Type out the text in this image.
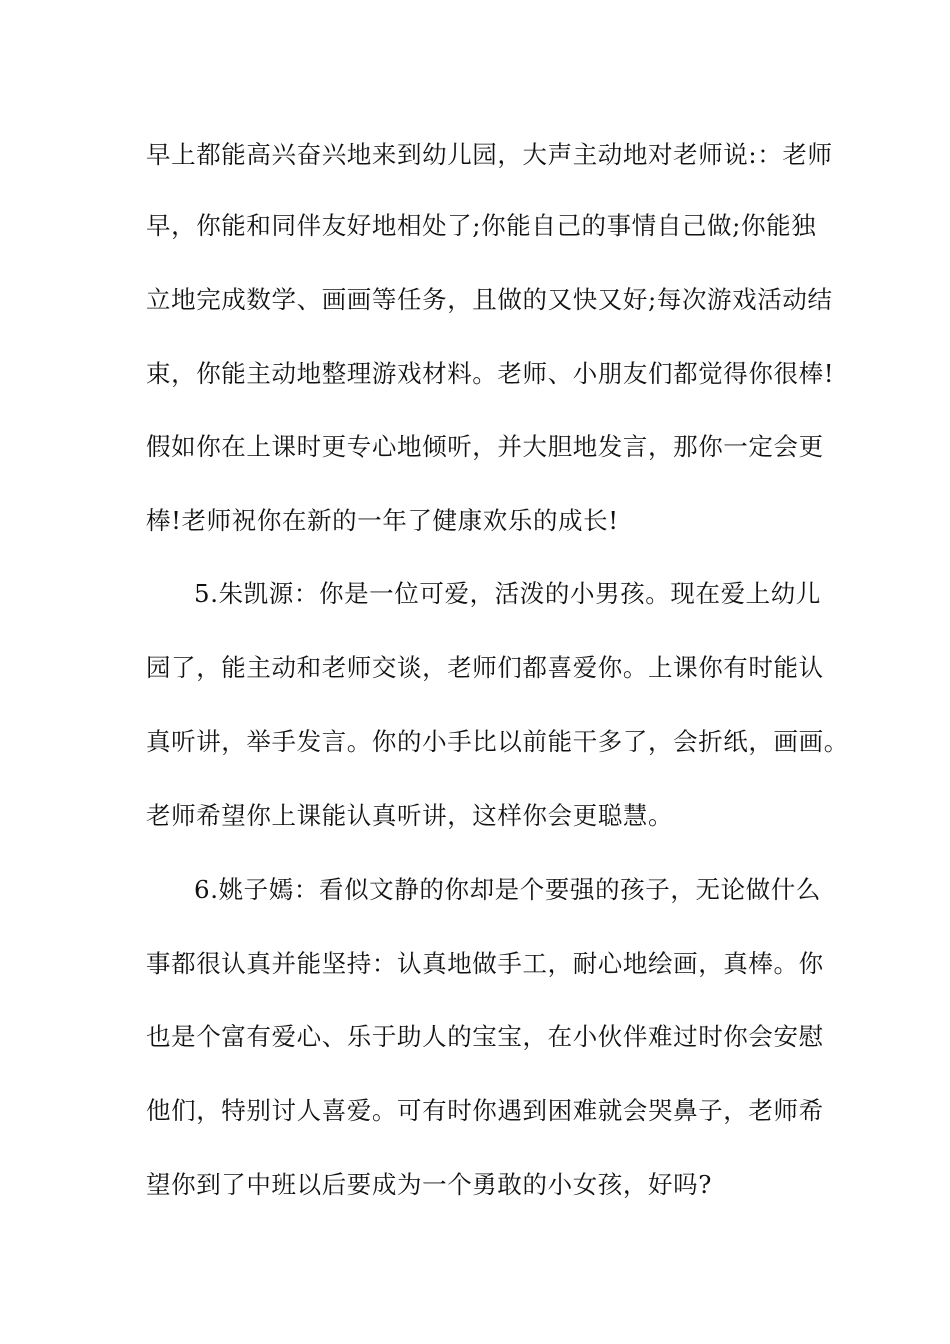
早上都能高兴奋兴地来到幼儿园，大声主动地对老师说:：老师
早，你能和同伴友好地相处了;你能自己的事情自己做;你能独
立地完成数学、画画等任务，且做的又快又好;每次游戏活动结
束，你能主动地整理游戏材料。老师、小朋友们都觉得你很棒!
假如你在上课时更专心地倾听，并大胆地发言，那你一定会更
棒!老师祝你在新的一年了健康欢乐的成长!
5.朱凯源：你是一位可爱，活泼的小男孩。现在爱上幼儿
园了，能主动和老师交谈，老师们都喜爱你。上课你有时能认
真听讲，举手发言。你的小手比以前能干多了，会折纸，画画。
老师希望你上课能认真听讲，这样你会更聪慧。
6.姚子嫣：看似文静的你却是个要强的孩子，无论做什么
事都很认真并能坚持：认真地做手工，耐心地绘画，真棒。你
也是个富有爱心、乐于助人的宝宝，在小伙伴难过时你会安慰
他们，特别讨人喜爱。可有时你遇到困难就会哭鼻子，老师希
望你到了中班以后要成为一个勇敢的小女孩，好吗?
